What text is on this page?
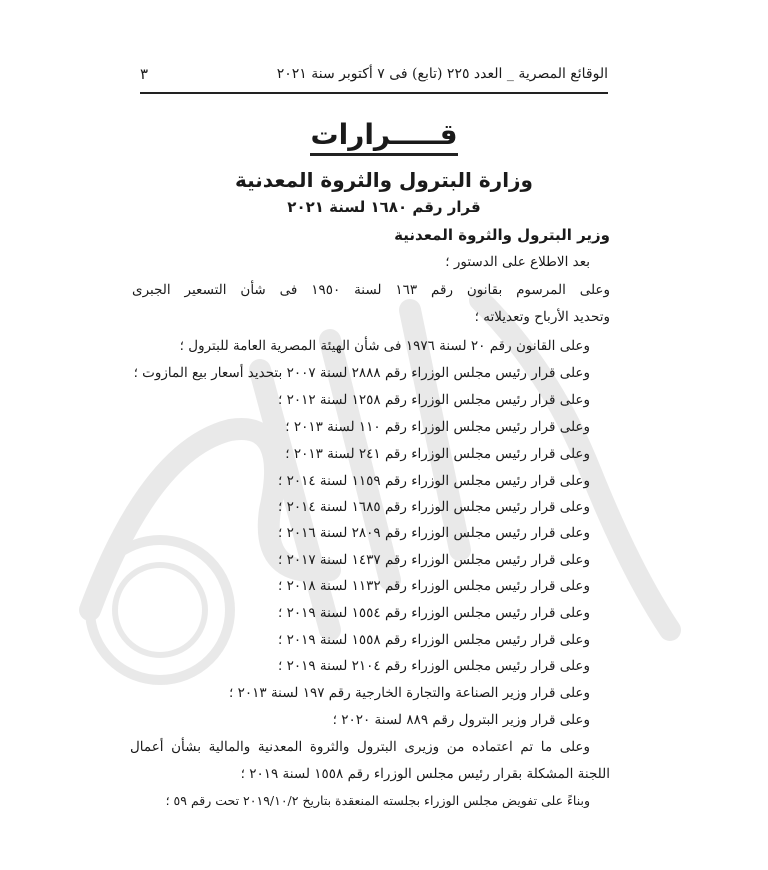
الوقائع المصرية _ العدد ٢٢٥ (تابع) فى ٧ أكتوبر سنة ٢٠٢١
٣
قـــــرارات
وزارة البترول والثروة المعدنية
قرار رقم ١٦٨٠ لسنة ٢٠٢١
وزير البترول والثروة المعدنية
بعد الاطلاع على الدستور ؛
وعلى المرسوم بقانون رقم ١٦٣ لسنة ١٩٥٠ فى شأن التسعير الجبرى
وتحديد الأرباح وتعديلاته ؛
وعلى القانون رقم ٢٠ لسنة ١٩٧٦ فى شأن الهيئة المصرية العامة للبترول ؛
وعلى قرار رئيس مجلس الوزراء رقم ٢٨٨٨ لسنة ٢٠٠٧ بتحديد أسعار بيع المازوت ؛
وعلى قرار رئيس مجلس الوزراء رقم ١٢٥٨ لسنة ٢٠١٢ ؛
وعلى قرار رئيس مجلس الوزراء رقم ١١٠ لسنة ٢٠١٣ ؛
وعلى قرار رئيس مجلس الوزراء رقم ٢٤١ لسنة ٢٠١٣ ؛
وعلى قرار رئيس مجلس الوزراء رقم ١١٥٩ لسنة ٢٠١٤ ؛
وعلى قرار رئيس مجلس الوزراء رقم ١٦٨٥ لسنة ٢٠١٤ ؛
وعلى قرار رئيس مجلس الوزراء رقم ٢٨٠٩ لسنة ٢٠١٦ ؛
وعلى قرار رئيس مجلس الوزراء رقم ١٤٣٧ لسنة ٢٠١٧ ؛
وعلى قرار رئيس مجلس الوزراء رقم ١١٣٢ لسنة ٢٠١٨ ؛
وعلى قرار رئيس مجلس الوزراء رقم ١٥٥٤ لسنة ٢٠١٩ ؛
وعلى قرار رئيس مجلس الوزراء رقم ١٥٥٨ لسنة ٢٠١٩ ؛
وعلى قرار رئيس مجلس الوزراء رقم ٢١٠٤ لسنة ٢٠١٩ ؛
وعلى قرار وزير الصناعة والتجارة الخارجية رقم ١٩٧ لسنة ٢٠١٣ ؛
وعلى قرار وزير البترول رقم ٨٨٩ لسنة ٢٠٢٠ ؛
وعلى ما تم اعتماده من وزيرى البترول والثروة المعدنية والمالية بشأن أعمال
اللجنة المشكلة بقرار رئيس مجلس الوزراء رقم ١٥٥٨ لسنة ٢٠١٩ ؛
وبناءً على تفويض مجلس الوزراء بجلسته المنعقدة بتاريخ ٢٠١٩/١٠/٢ تحت رقم ٥٩ ؛
